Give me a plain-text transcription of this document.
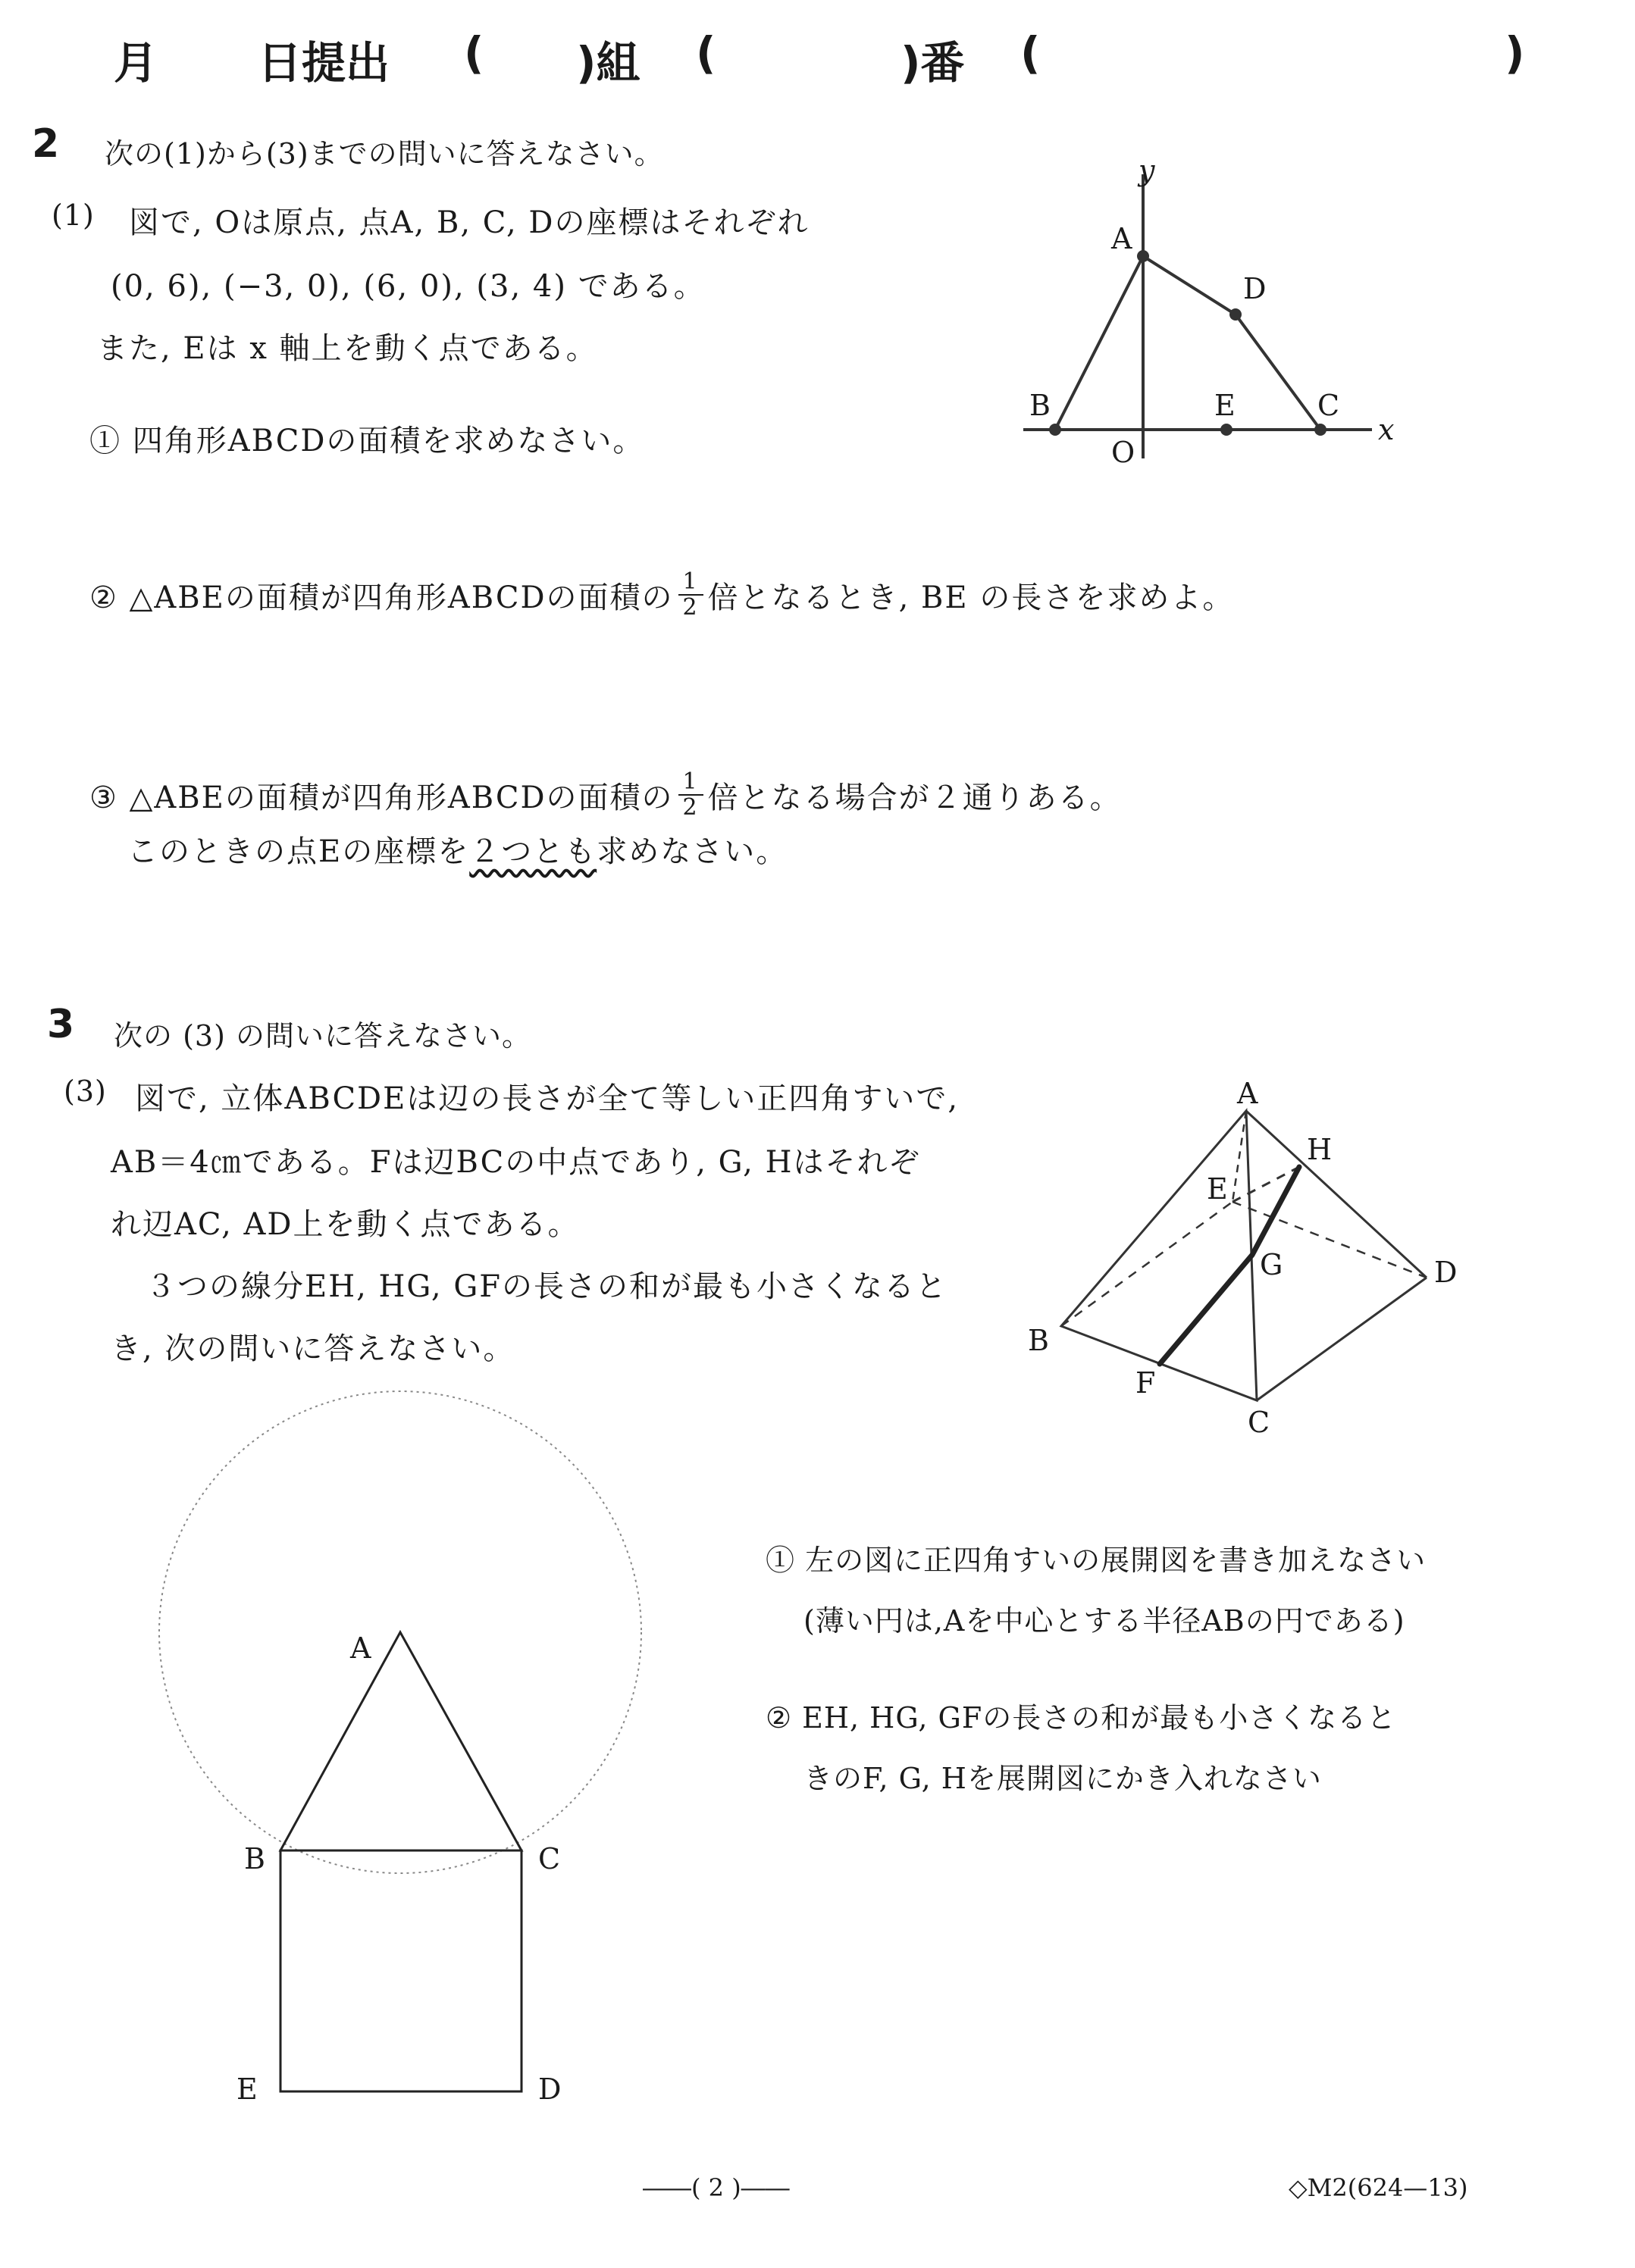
月 日提出 ( )組 (	)番 (	)
2 次の(1)から(3)までの問いに答えなさい。
(1) 図で, Oは原点, 点A, B, C, Dの座標はそれぞれ
(0, 6), (−3, 0), (6, 0), (3, 4) である。
また, Eは x 軸上を動く点である。
① 四角形ABCDの面積を求めなさい。
② △ABEの面積が四角形ABCDの面積の $\frac{1}{2}$ 倍となるとき, BE の長さを求めよ。
③ △ABEの面積が四角形ABCDの面積の $\frac{1}{2}$ 倍となる場合が２通りある。
このときの点Eの座標を２つとも求めなさい。
y
x
A
D
B	E	C
O
3 次の (3) の問いに答えなさい。
(3) 図で, 立体ABCDEは辺の長さが全て等しい正四角すいで,
AB＝4㎝である。Fは辺BCの中点であり, G, Hはそれぞ
れ辺AC, AD上を動く点である。
３つの線分EH, HG, GFの長さの和が最も小さくなると
き, 次の問いに答えなさい。
A
H
E
G	D
B
F
C
A
B	C
E	D
① 左の図に正四角すいの展開図を書き加えなさい
(薄い円は,Aを中心とする半径ABの円である)
② EH, HG, GFの長さの和が最も小さくなると
きのF, G, Hを展開図にかき入れなさい
――( 2 )――	◇M2(624—13)
